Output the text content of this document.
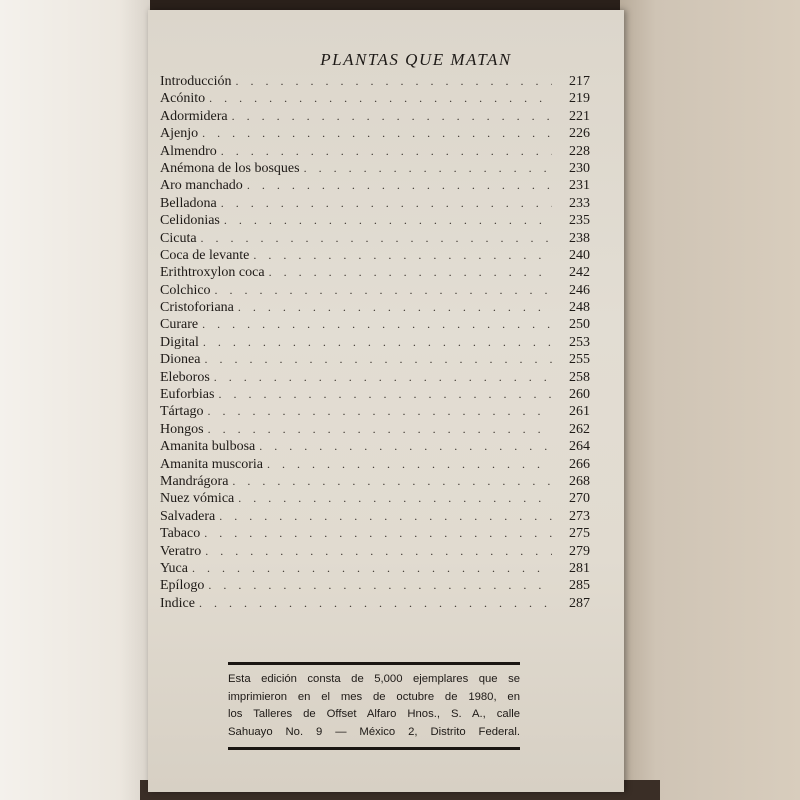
PLANTAS QUE MATAN
Introducción . . .	217
Acónito . . .	219
Adormidera . . .	221
Ajenjo . . .	226
Almendro . . .	228
Anémona de los bosques . . .	230
Aro manchado . . .	231
Belladona . . .	233
Celidonias . . .	235
Cicuta . . .	238
Coca de levante . . .	240
Erithtroxylon coca . . .	242
Colchico . . .	246
Cristoforiana . . .	248
Curare . . .	250
Digital . . .	253
Dionea . . .	255
Eleboros . . .	258
Euforbias . . .	260
Tártago . . .	261
Hongos . . .	262
Amanita bulbosa . . .	264
Amanita muscoria . . .	266
Mandrágora . . .	268
Nuez vómica . . .	270
Salvadera . . .	273
Tabaco . . .	275
Veratro . . .	279
Yuca . . .	281
Epílogo . . .	285
Indice . . .	287
Esta edición consta de 5,000 ejemplares que se
imprimieron en el mes de octubre de 1980, en
los Talleres de Offset Alfaro Hnos., S. A., calle
Sahuayo No. 9 — México 2, Distrito Federal.
